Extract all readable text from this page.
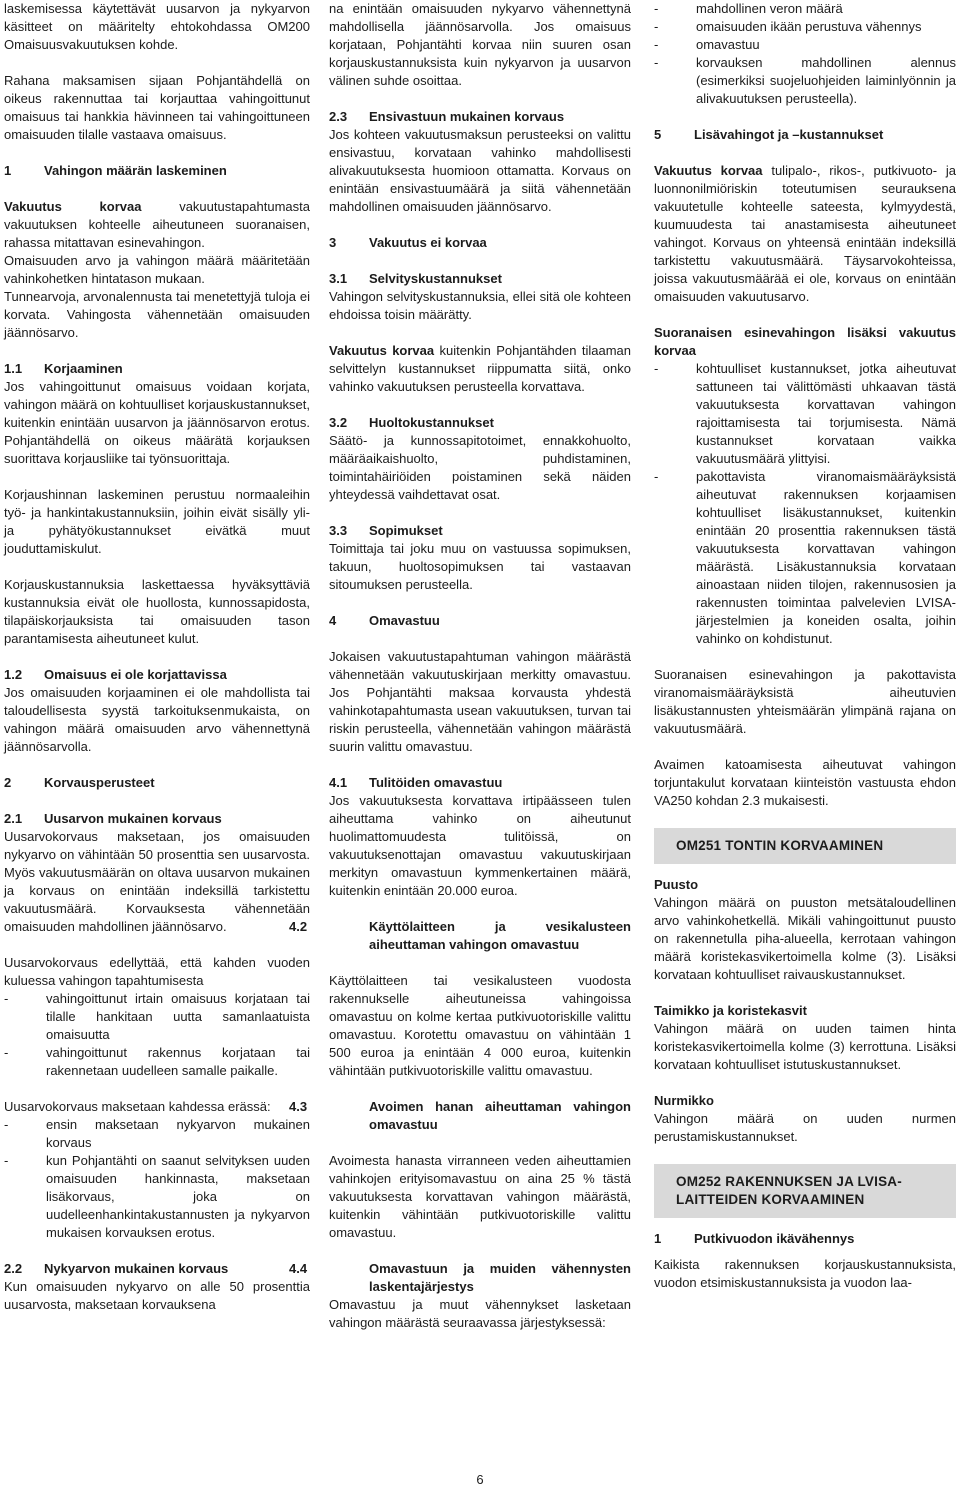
laskemisessa käytettävät uusarvon ja nykyarvon käsitteet on määritelty ehtokohdassa OM200 Omaisuusvakuutuksen kohde.

Rahana maksamisen sijaan Pohjantähdellä on oikeus rakennuttaa tai korjauttaa vahingoittunut omaisuus tai hankkia hävinneen tai vahingoittuneen omaisuuden tilalle vastaava omaisuus.

1	Vahingon määrän laskeminen

Vakuutus korvaa	vakuutustapahtumasta vakuutuksen kohteelle aiheutuneen suoranaisen, rahassa mitattavan esinevahingon.

Omaisuuden arvo ja vahingon määrä määritetään vahinkohetken hintatason mukaan.

Tunnearvoja, arvonalennusta tai menetettyjä tuloja ei korvata. Vahingosta vähennetään omaisuuden jäännösarvo.

1.1 Korjaaminen

Jos vahingoittunut omaisuus voidaan korjata, vahingon määrä on kohtuulliset korjauskustannukset, kuitenkin enintään uusarvon ja jäännösarvon erotus. Pohjantähdellä on oikeus määrätä korjauksen suorittava korjausliike tai työnsuorittaja.

Korjaushinnan laskeminen perustuu normaaleihin työ- ja hankintakustannuksiin, joihin eivät sisälly yli- ja pyhätyökustannukset eivätkä muut jouduttamiskulut.

Korjauskustannuksia laskettaessa hyväksyttäviä kustannuksia eivät ole huollosta, kunnossapidosta, tilapäiskorjauksista tai omaisuuden tason parantamisesta aiheutuneet kulut.

1.2 Omaisuus ei ole korjattavissa

Jos omaisuuden korjaaminen ei ole mahdollista tai taloudellisesta syystä tarkoituksenmukaista, on vahingon määrä omaisuuden arvo vähennettynä jäännösarvolla.

2	Korvausperusteet

2.1 Uusarvon mukainen korvaus

Uusarvokorvaus maksetaan, jos omaisuuden nykyarvo on vähintään 50 prosenttia sen uusarvosta. Myös vakuutusmäärän on oltava uusarvon mukainen ja korvaus on enintään indeksillä tarkistettu vakuutusmäärä. Korvauksesta vähennetään omaisuuden mahdollinen jäännösarvo.

Uusarvokorvaus edellyttää, että kahden vuoden kuluessa vahingon tapahtumisesta

- vahingoittunut irtain omaisuus korjataan tai tilalle hankitaan uutta samanlaatuista omaisuutta
- vahingoittunut rakennus korjataan tai rakennetaan uudelleen samalle paikalle.

Uusarvokorvaus maksetaan kahdessa erässä:

- ensin maksetaan nykyarvon mukainen korvaus
- kun Pohjantähti on saanut selvityksen uuden omaisuuden hankinnasta, maksetaan lisäkorvaus, joka on uudelleenhankintakustannusten ja nykyarvon mukaisen korvauksen erotus.

2.2 Nykyarvon mukainen korvaus

Kun omaisuuden nykyarvo on alle 50 prosenttia uusarvosta, maksetaan korvauksena

na enintään omaisuuden nykyarvo vähennettynä mahdollisella jäännösarvolla. Jos omaisuus korjataan, Pohjantähti korvaa niin suuren osan korjauskustannuksista kuin nykyarvon ja uusarvon välinen suhde osoittaa.

2.3 Ensivastuun mukainen korvaus

Jos kohteen vakuutusmaksun perusteeksi on valittu ensivastuu, korvataan vahinko mahdollisesti alivakuutuksesta huomioon ottamatta. Korvaus on enintään ensivastuumäärä ja siitä vähennetään mahdollinen omaisuuden jäännösarvo.

3	Vakuutus ei korvaa

3.1 Selvityskustannukset

Vahingon selvityskustannuksia, ellei sitä ole kohteen ehdoissa toisin määrätty.

Vakuutus korvaa kuitenkin Pohjantähden tilaaman selvittelyn kustannukset riippumatta siitä, onko vahinko vakuutuksen perusteella korvattava.

3.2 Huoltokustannukset

Säätö- ja kunnossapitotoimet, ennakkohuolto, määräaikaishuolto, puhdistaminen, toimintahäiriöiden poistaminen sekä näiden yhteydessä vaihdettavat osat.

3.3 Sopimukset

Toimittaja tai joku muu on vastuussa sopimuksen, takuun, huoltosopimuksen tai vastaavan sitoumuksen perusteella.

4	Omavastuu

Jokaisen vakuutustapahtuman vahingon määrästä vähennetään vakuutuskirjaan merkitty omavastuu. Jos Pohjantähti maksaa korvausta yhdestä vahinkotapahtumasta usean vakuutuksen, turvan tai riskin perusteella, vähennetään vahingon määrästä suurin valittu omavastuu.

4.1 Tulitöiden omavastuu

Jos vakuutuksesta korvattava irtipäässeen tulen aiheuttama vahinko on aiheutunut huolimattomuudesta tulitöissä, on vakuutuksenottajan omavastuu vakuutuskirjaan merkityn omavastuun kymmenkertainen määrä, kuitenkin enintään 20.000 euroa.

4.2	Käyttölaitteen ja vesikalusteen aiheuttaman vahingon omavastuu

Käyttölaitteen tai vesikalusteen vuodosta rakennukselle aiheutuneissa vahingoissa omavastuu on kolme kertaa putkivuotoriskille valittu omavastuu. Korotettu omavastuu on vähintään 1 500 euroa ja enintään 4 000 euroa, kuitenkin vähintään putkivuotoriskille valittu omavastuu.

4.3	Avoimen hanan aiheuttaman vahingon omavastuu

Avoimesta hanasta virranneen veden aiheuttamien vahinkojen erityisomavastuu on aina 25 % tästä vakuutuksesta korvattavan vahingon määrästä, kuitenkin vähintään putkivuotoriskille valittu omavastuu.

4.4	Omavastuun ja muiden vähennysten laskentajärjestys

Omavastuu ja muut vähennykset lasketaan vahingon määrästä seuraavassa järjestyksessä:

- mahdollinen veron määrä
- omaisuuden ikään perustuva vähennys
- omavastuu
- korvauksen mahdollinen alennus (esimerkiksi suojeluohjeiden laiminlyönnin ja alivakuutuksen perusteella).

5	Lisävahingot ja –kustannukset

Vakuutus korvaa tulipalo-, rikos-, putkivuoto- ja luonnonilmiöriskin toteutumisen seurauksena vakuutetulle kohteelle sateesta, kylmyydestä, kuumuudesta tai anastamisesta aiheutuneet vahingot. Korvaus on yhteensä enintään indeksillä tarkistettu vakuutusmäärä. Täysarvokohteissa, joissa vakuutusmäärää ei ole, korvaus on enintään omaisuuden vakuutusarvo.

Suoranaisen esinevahingon lisäksi vakuutus korvaa

- kohtuulliset kustannukset, jotka aiheutuvat sattuneen tai välittömästi uhkaavan tästä vakuutuksesta korvattavan vahingon rajoittamisesta tai torjumisesta. Nämä kustannukset korvataan vaikka vakuutusmäärä ylittyisi.
- pakottavista viranomaismääräyksistä aiheutuvat rakennuksen korjaamisen kohtuulliset lisäkustannukset, kuitenkin enintään 20 prosenttia rakennuksen tästä vakuutuksesta korvattavan vahingon määrästä. Lisäkustannuksia korvataan ainoastaan niiden tilojen, rakennusosien ja rakennusten toimintaa palvelevien LVISA-järjestelmien ja koneiden osalta, joihin vahinko on kohdistunut.

Suoranaisen esinevahingon ja pakottavista viranomaismääräyksistä aiheutuvien lisäkustannusten yhteismäärän ylimpänä rajana on vakuutusmäärä.

Avaimen katoamisesta aiheutuvat vahingon torjuntakulut korvataan kiinteistön vastuusta ehdon VA250 kohdan 2.3 mukaisesti.

OM251 TONTIN KORVAAMINEN

Puusto

Vahingon määrä on puuston metsätaloudellinen arvo vahinkohetkellä. Mikäli vahingoittunut puusto on rakennetulla piha-alueella, kerrotaan vahingon määrä koristekasvikertoimella kolme (3). Lisäksi korvataan kohtuulliset raivauskustannukset.

Taimikko ja koristekasvit

Vahingon määrä on uuden taimen hinta koristekasvikertoimella kolme (3) kerrottuna. Lisäksi korvataan kohtuulliset istutuskustannukset.

Nurmikko

Vahingon määrä on uuden nurmen perustamiskustannukset.

OM252 RAKENNUKSEN JA LVISA-LAITTEIDEN KORVAAMINEN

1	Putkivuodon ikävähennys

Kaikista rakennuksen korjauskustannuksista, vuodon etsimiskustannuksista ja vuodon laa-

6
